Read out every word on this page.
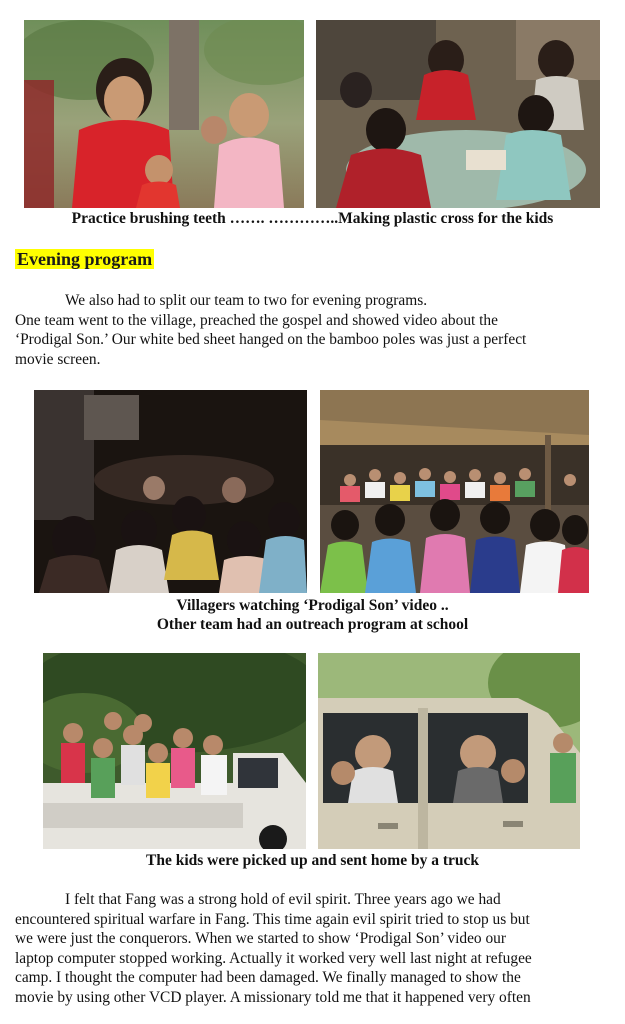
Practice brushing teeth ……. …………..Making plastic cross for the kids

Evening program

We also had to split our team to two for evening programs.
One team went to the village, preached the gospel and showed video about the
‘Prodigal Son.’ Our white bed sheet hanged on the bamboo poles was just a perfect
movie screen.

Villagers watching ‘Prodigal Son’ video ..

Other team had an outreach program at school

The kids were picked up and sent home by a truck

I felt that Fang was a strong hold of evil spirit. Three years ago we had
encountered spiritual warfare in Fang. This time again evil spirit tried to stop us but
we were just the conquerors. When we started to show ‘Prodigal Son’ video our
laptop computer stopped working. Actually it worked very well last night at refugee
camp. I thought the computer had been damaged. We finally managed to show the
movie by using other VCD player. A missionary told me that it happened very often
